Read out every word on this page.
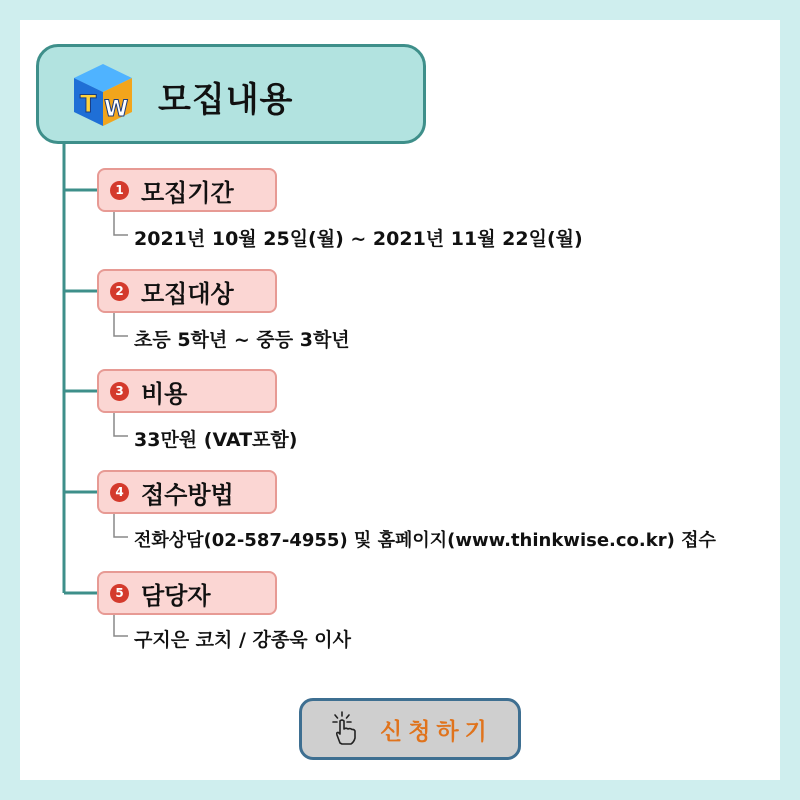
T W 모집내용
1 모집기간
2021년 10월 25일(월) ~ 2021년 11월 22일(월)
2 모집대상
초등 5학년 ~ 중등 3학년
3 비용
33만원 (VAT포함)
4 접수방법
전화상담(02-587-4955) 및 홈페이지(www.thinkwise.co.kr) 접수
5 담당자
구지은 코치 / 강종욱 이사
신청하기
